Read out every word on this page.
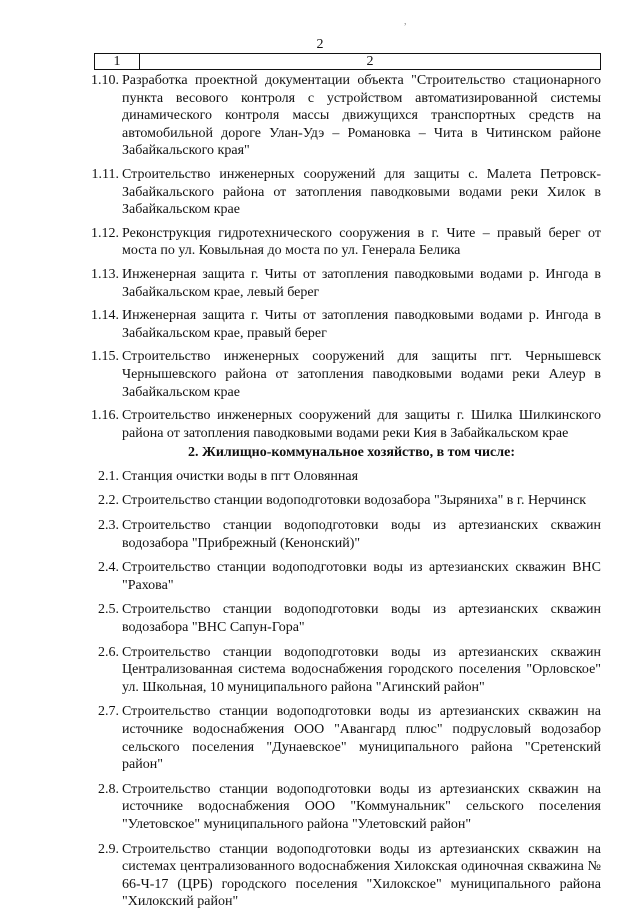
,
2
1	2
1.10. Разработка проектной документации объекта "Строительство стационарного пункта весового контроля с устройством автоматизированной системы динамического контроля массы движущихся транспортных средств на автомобильной дороге Улан-Удэ – Романовка – Чита в Читинском районе Забайкальского края"
1.11. Строительство инженерных сооружений для защиты с. Малета Петровск-Забайкальского района от затопления паводковыми водами реки Хилок в Забайкальском крае
1.12. Реконструкция гидротехнического сооружения в г. Чите – правый берег от моста по ул. Ковыльная до моста по ул. Генерала Белика
1.13. Инженерная защита г. Читы от затопления паводковыми водами р. Ингода в Забайкальском крае, левый берег
1.14. Инженерная защита г. Читы от затопления паводковыми водами р. Ингода в Забайкальском крае, правый берег
1.15. Строительство инженерных сооружений для защиты пгт. Чернышевск Чернышевского района от затопления паводковыми водами реки Алеур в Забайкальском крае
1.16. Строительство инженерных сооружений для защиты г. Шилка Шилкинского района от затопления паводковыми водами реки Кия в Забайкальском крае
2. Жилищно-коммунальное хозяйство, в том числе:
2.1. Станция очистки воды в пгт Оловянная
2.2. Строительство станции водоподготовки водозабора "Зыряниха" в г. Нерчинск
2.3. Строительство станции водоподготовки воды из артезианских скважин водозабора "Прибрежный (Кенонский)"
2.4. Строительство станции водоподготовки воды из артезианских скважин ВНС "Рахова"
2.5. Строительство станции водоподготовки воды из артезианских скважин водозабора "ВНС Сапун-Гора"
2.6. Строительство станции водоподготовки воды из артезианских скважин Централизованная система водоснабжения городского поселения "Орловское" ул. Школьная, 10 муниципального района "Агинский район"
2.7. Строительство станции водоподготовки воды из артезианских скважин на источнике водоснабжения ООО "Авангард плюс" подрусловый водозабор сельского поселения "Дунаевское" муниципального района "Сретенский район"
2.8. Строительство станции водоподготовки воды из артезианских скважин на источнике водоснабжения ООО "Коммунальник" сельского поселения "Улетовское" муниципального района "Улетовский район"
2.9. Строительство станции водоподготовки воды из артезианских скважин на системах централизованного водоснабжения Хилокская одиночная скважина № 66-Ч-17 (ЦРБ) городского поселения "Хилокское" муниципального района "Хилокский район"
